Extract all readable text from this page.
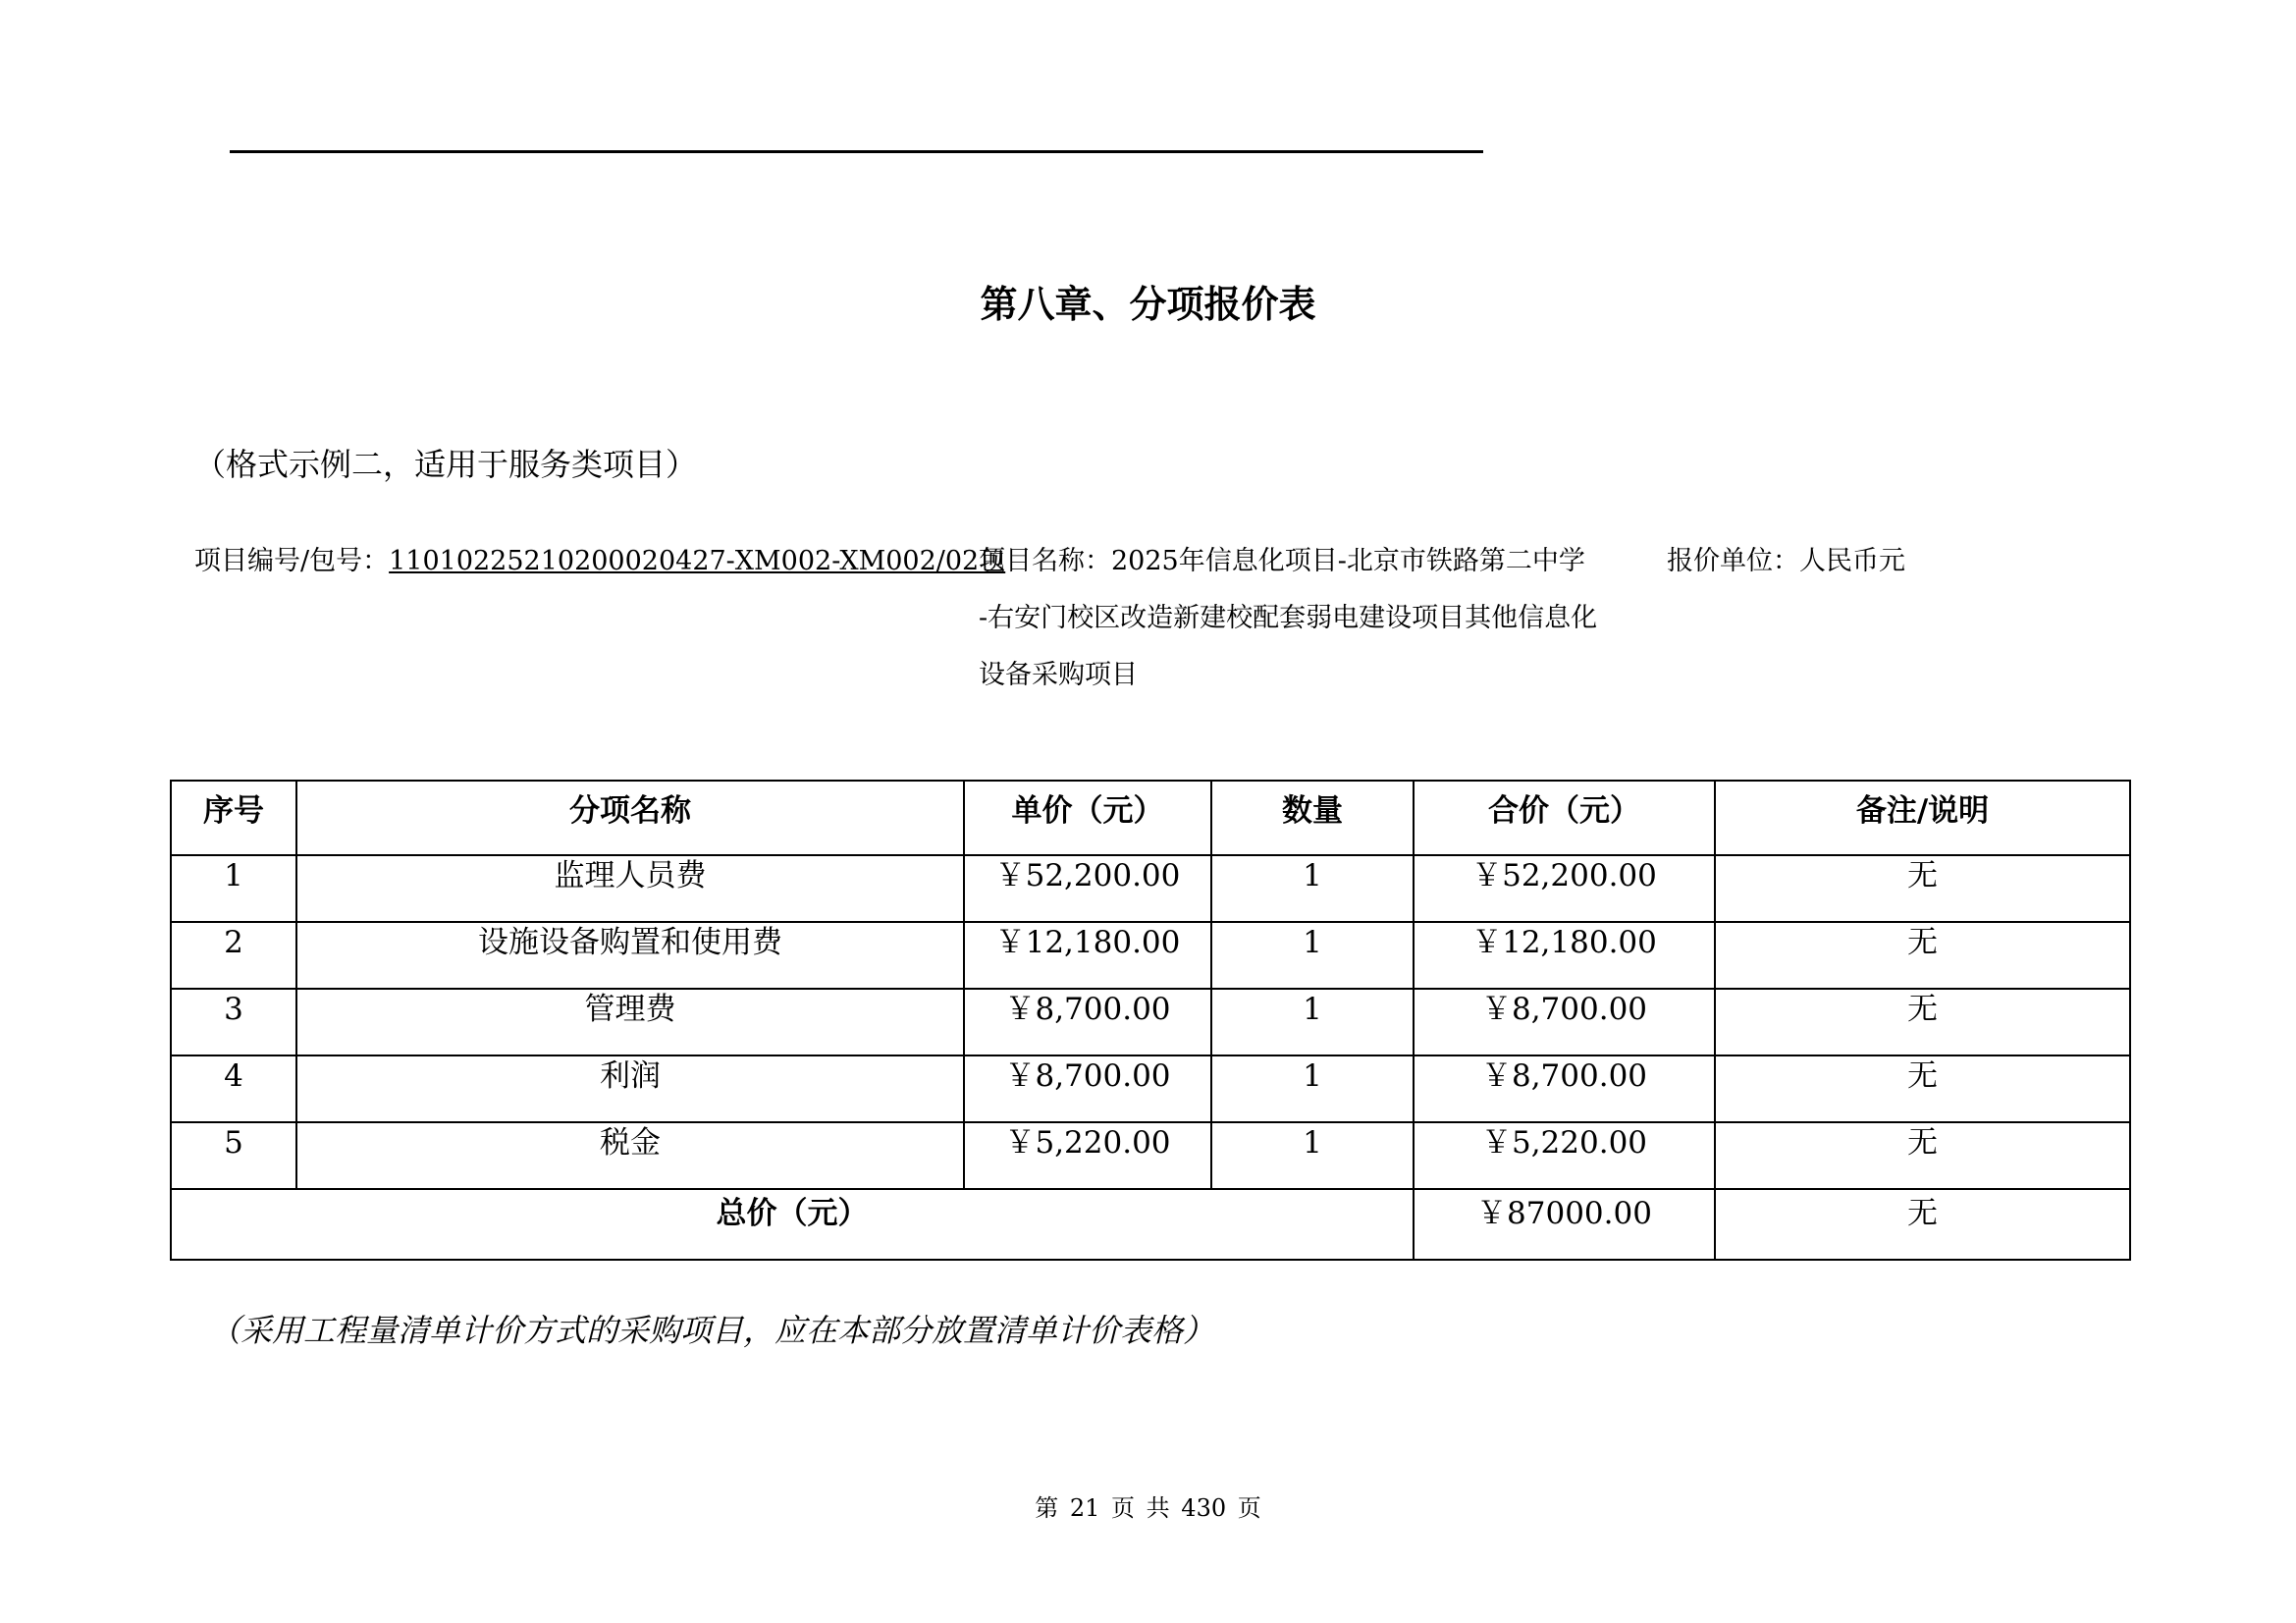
第八章、分项报价表
（格式示例二，适用于服务类项目）
项目编号/包号：11010225210200020427-XM002-XM002/02包
项目名称：2025年信息化项目-北京市铁路第二中学
-右安门校区改造新建校配套弱电建设项目其他信息化
设备采购项目
报价单位：人民币元
序号	分项名称	单价（元）	数量	合价（元）	备注/说明
1	监理人员费	￥52,200.00	1	￥52,200.00	无
2	设施设备购置和使用费	￥12,180.00	1	￥12,180.00	无
3	管理费	￥8,700.00	1	￥8,700.00	无
4	利润	￥8,700.00	1	￥8,700.00	无
5	税金	￥5,220.00	1	￥5,220.00	无
总价（元）				￥87000.00	无
（采用工程量清单计价方式的采购项目，应在本部分放置清单计价表格）
第 21 页 共 430 页
